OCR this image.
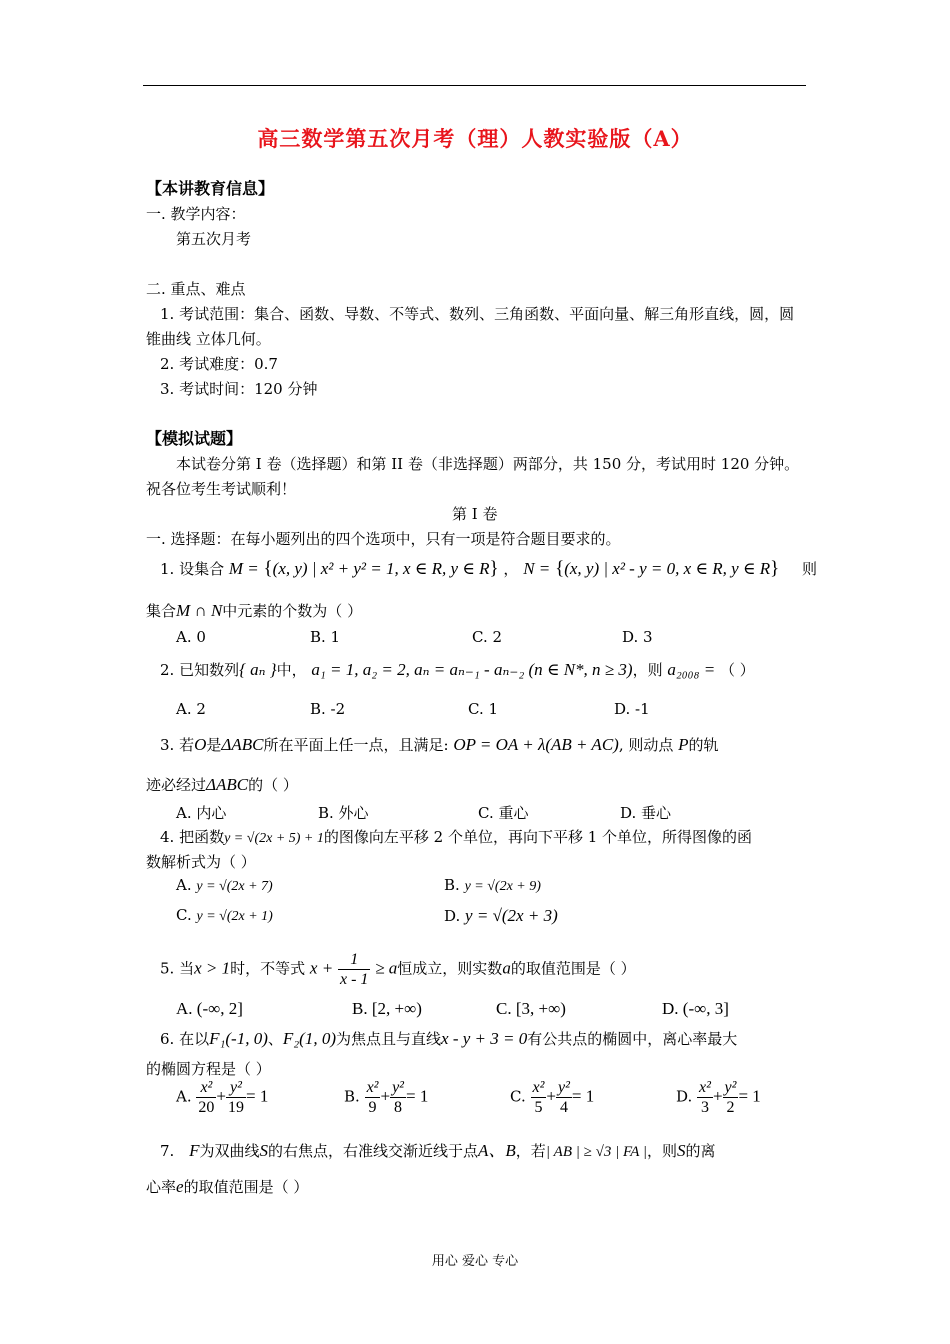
高三数学第五次月考（理）人教实验版（A）
【本讲教育信息】
一. 教学内容：
第五次月考
二. 重点、难点
1. 考试范围：集合、函数、导数、不等式、数列、三角函数、平面向量、解三角形直线，圆，圆
锥曲线 立体几何。
2. 考试难度：0.7
3. 考试时间：120 分钟
【模拟试题】
本试卷分第 I 卷（选择题）和第 II 卷（非选择题）两部分，共 150 分，考试用时 120 分钟。
祝各位考生考试顺利！
第 I 卷
一. 选择题：在每小题列出的四个选项中，只有一项是符合题目要求的。
1. 设集合 M = {(x, y) | x² + y² = 1, x ∈ R, y ∈ R} ， N = {(x, y) | x² - y = 0, x ∈ R, y ∈ R} 则
集合M ∩ N中元素的个数为（ ）
A. 0	B. 1	C. 2	D. 3
2. 已知数列{ aₙ }中， a₁ = 1, a₂ = 2, aₙ = aₙ₋₁ - aₙ₋₂ (n ∈ N*, n ≥ 3)，则 a₂₀₀₈ = （ ）
A. 2	B. -2	C. 1	D. -1
3. 若O是ΔABC所在平面上任一点，且满足: OP = OA + λ(AB + AC), 则动点 P的轨
迹必经过ΔABC的（ ）
A. 内心	B. 外心	C. 重心	D. 垂心
4. 把函数y = √(2x + 5) + 1的图像向左平移 2 个单位，再向下平移 1 个单位，所得图像的函
数解析式为（ ）
A. y = √(2x + 7)	B. y = √(2x + 9)
C. y = √(2x + 1)	D. y = √(2x + 3)
5. 当x > 1时，不等式 $x + \frac{1}{x - 1} \ge a$恒成立，则实数a的取值范围是（ ）
A. (-∞, 2]	B. [2, +∞)	C. [3, +∞)	D. (-∞, 3]
6. 在以F₁(-1, 0)、F₂(1, 0)为焦点且与直线x - y + 3 = 0有公共点的椭圆中，离心率最大
的椭圆方程是（ ）
A. $\frac{\text{x²}}{20} + \frac{\text{y²}}{19} = 1$	B. $\frac{\text{x²}}{9} + \frac{\text{y²}}{8} = 1$	C. $\frac{\text{x²}}{5} + \frac{\text{y²}}{4} = 1$	D. $\frac{\text{x²}}{3} + \frac{\text{y²}}{2} = 1$
7. F为双曲线S的右焦点，右准线交渐近线于点A、B，若| AB | ≥ √3 | FA |，则S的离
心率e的取值范围是（ ）
用心 爱心 专心
